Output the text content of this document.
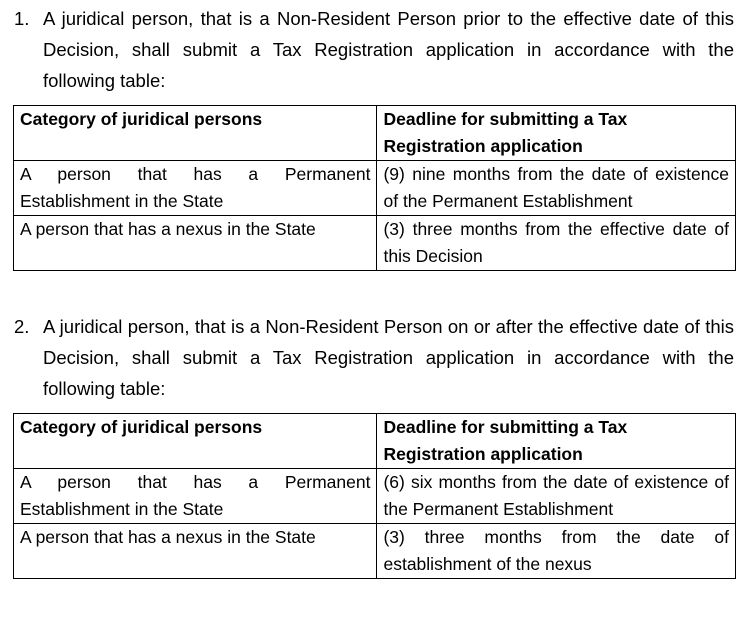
1. A juridical person, that is a Non-Resident Person prior to the effective date of this Decision, shall submit a Tax Registration application in accordance with the following table:
Category of juridical persons	Deadline for submitting a Tax Registration application
A person that has a Permanent Establishment in the State	(9) nine months from the date of existence of the Permanent Establishment
A person that has a nexus in the State	(3) three months from the effective date of this Decision
2. A juridical person, that is a Non-Resident Person on or after the effective date of this Decision, shall submit a Tax Registration application in accordance with the following table:
Category of juridical persons	Deadline for submitting a Tax Registration application
A person that has a Permanent Establishment in the State	(6) six months from the date of existence of the Permanent Establishment
A person that has a nexus in the State	(3) three months from the date of establishment of the nexus
